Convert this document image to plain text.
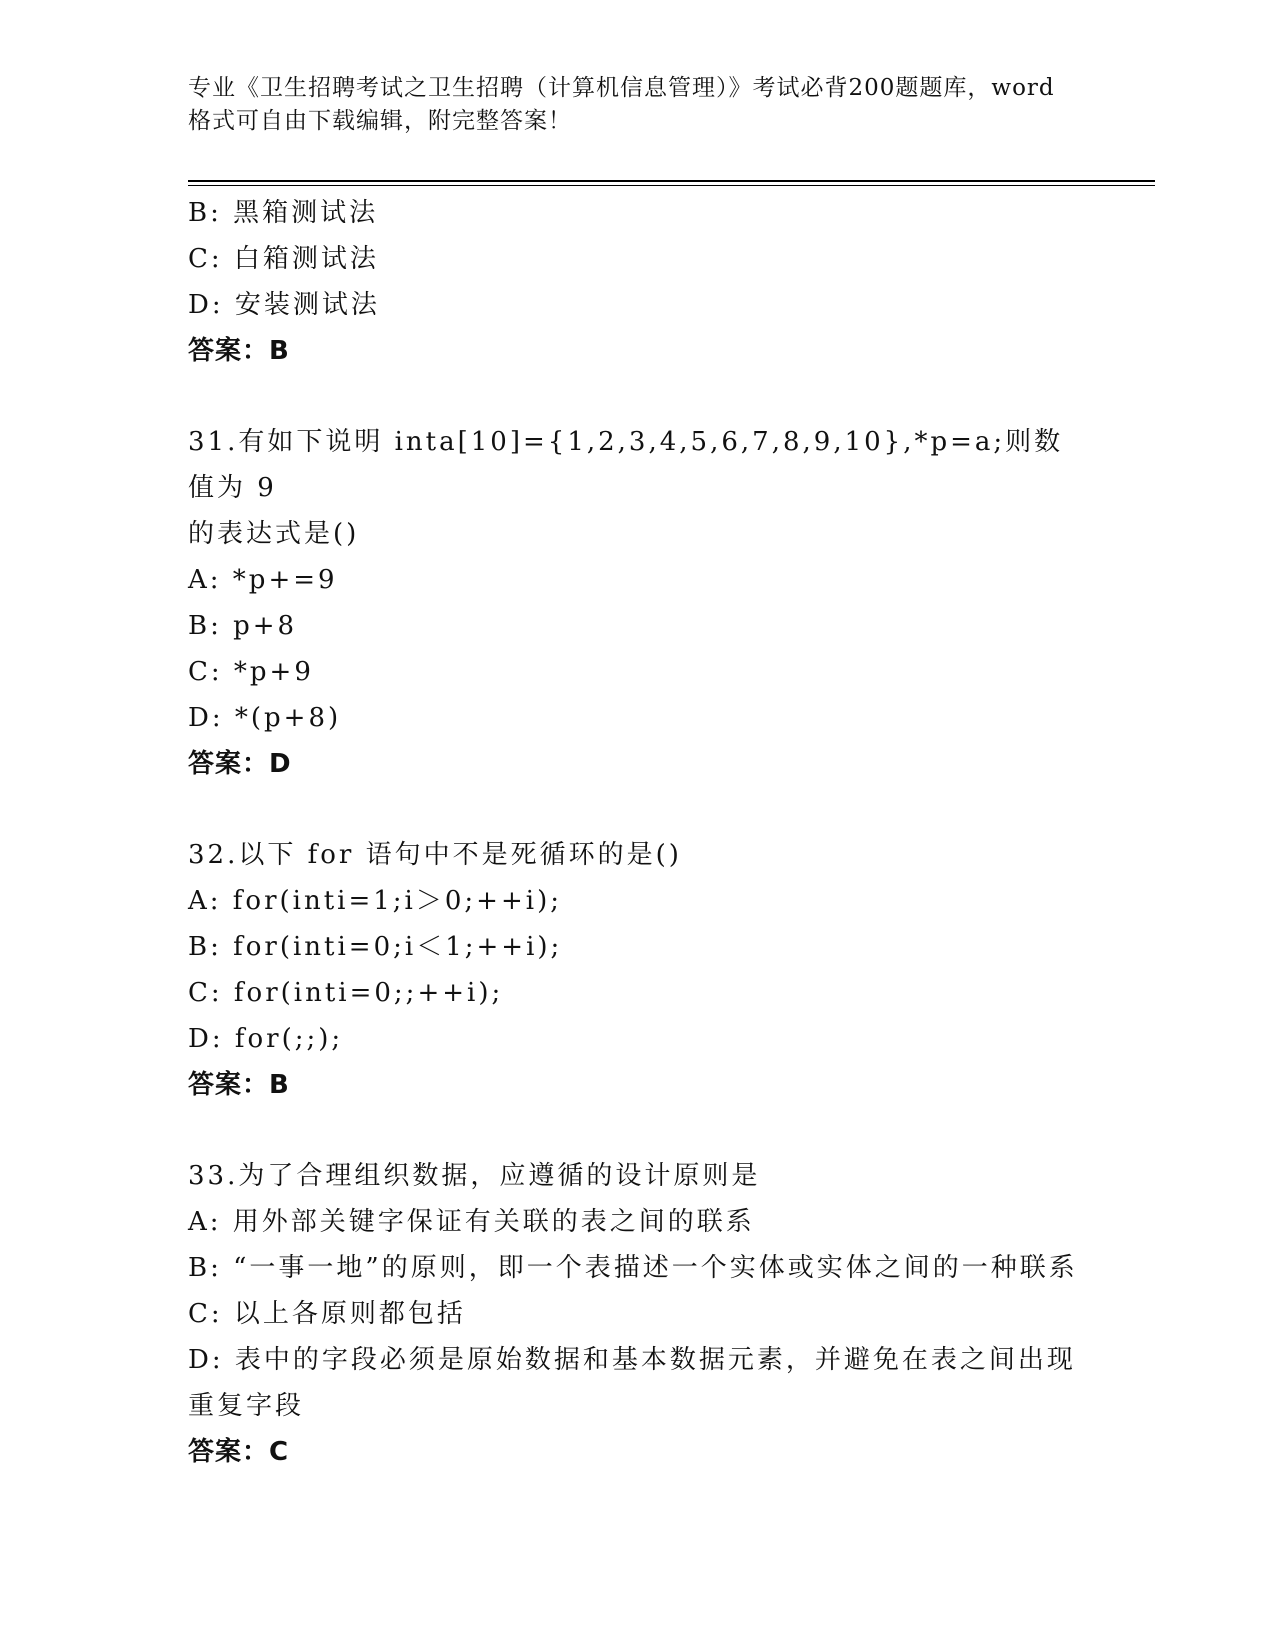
专业《卫生招聘考试之卫生招聘（计算机信息管理）》考试必背200题题库，word
格式可自由下载编辑，附完整答案！
B: 黑箱测试法
C: 白箱测试法
D: 安装测试法
答案：B
31.有如下说明 inta[10]={1,2,3,4,5,6,7,8,9,10},*p=a;则数值为 9
的表达式是()
A: *p+=9
B: p+8
C: *p+9
D: *(p+8)
答案：D
32.以下 for 语句中不是死循环的是()
A: for(inti=1;i＞0;++i);
B: for(inti=0;i＜1;++i);
C: for(inti=0;;++i);
D: for(;;);
答案：B
33.为了合理组织数据，应遵循的设计原则是
A: 用外部关键字保证有关联的表之间的联系
B: “一事一地”的原则，即一个表描述一个实体或实体之间的一种联系
C: 以上各原则都包括
D: 表中的字段必须是原始数据和基本数据元素，并避免在表之间出现重复字段
答案：C
